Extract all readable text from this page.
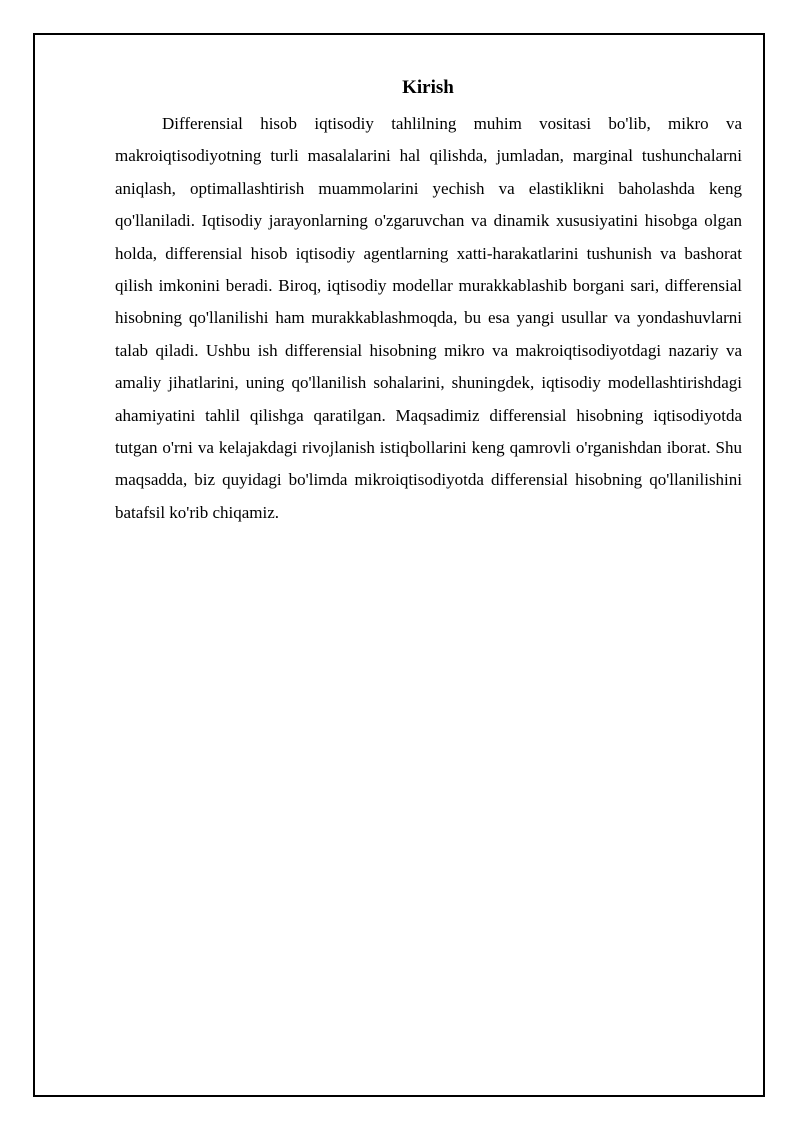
Kirish

Differensial hisob iqtisodiy tahlilning muhim vositasi bo'lib, mikro va makroiqtisodiyotning turli masalalarini hal qilishda, jumladan, marginal tushunchalarni aniqlash, optimallashtirish muammolarini yechish va elastiklikni baholashda keng qo'llaniladi. Iqtisodiy jarayonlarning o'zgaruvchan va dinamik xususiyatini hisobga olgan holda, differensial hisob iqtisodiy agentlarning xatti-harakatlarini tushunish va bashorat qilish imkonini beradi. Biroq, iqtisodiy modellar murakkablashib borgani sari, differensial hisobning qo'llanilishi ham murakkablashmoqda, bu esa yangi usullar va yondashuvlarni talab qiladi. Ushbu ish differensial hisobning mikro va makroiqtisodiyotdagi nazariy va amaliy jihatlarini, uning qo'llanilish sohalarini, shuningdek, iqtisodiy modellashtirishdagi ahamiyatini tahlil qilishga qaratilgan. Maqsadimiz differensial hisobning iqtisodiyotda tutgan o'rni va kelajakdagi rivojlanish istiqbollarini keng qamrovli o'rganishdan iborat. Shu maqsadda, biz quyidagi bo'limda mikroiqtisodiyotda differensial hisobning qo'llanilishini batafsil ko'rib chiqamiz.
